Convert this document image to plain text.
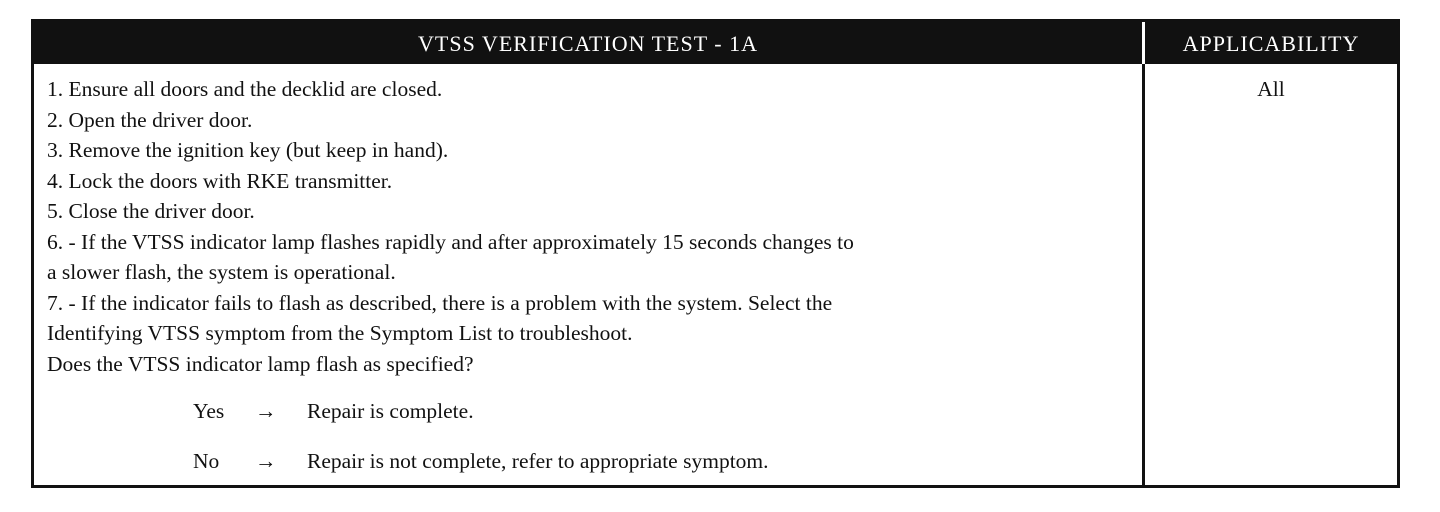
VTSS VERIFICATION TEST - 1A	APPLICABILITY
1. Ensure all doors and the decklid are closed.
2. Open the driver door.
3. Remove the ignition key (but keep in hand).
4. Lock the doors with RKE transmitter.
5. Close the driver door.
6. - If the VTSS indicator lamp flashes rapidly and after approximately 15 seconds changes to
a slower flash, the system is operational.
7. - If the indicator fails to flash as described, there is a problem with the system. Select the
Identifying VTSS symptom from the Symptom List to troubleshoot.
Does the VTSS indicator lamp flash as specified?
Yes → Repair is complete.
No → Repair is not complete, refer to appropriate symptom.
All
